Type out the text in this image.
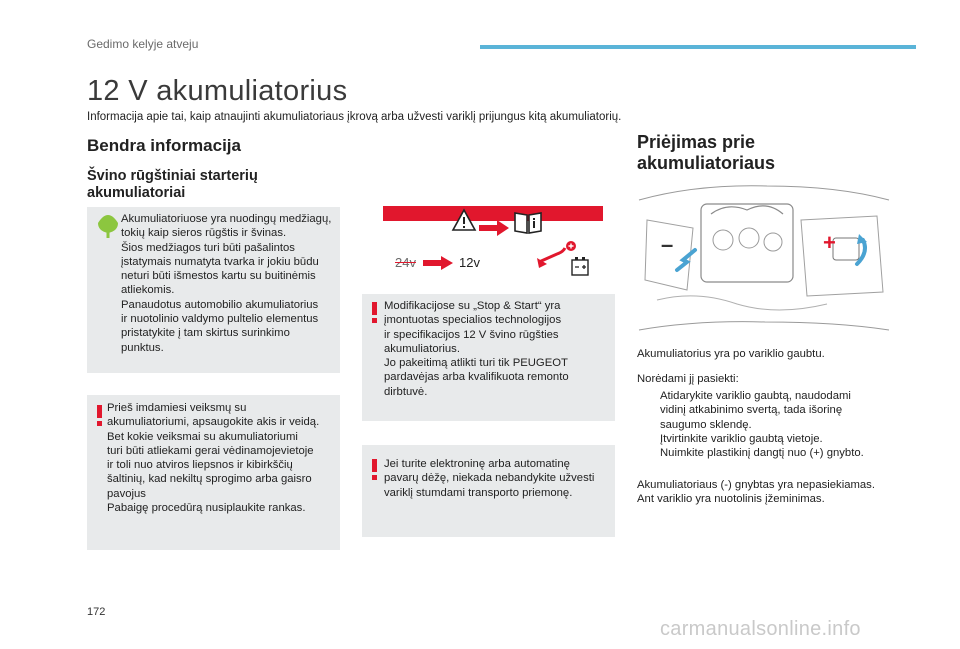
Gedimo kelyje atveju
12 V akumuliatorius
Informacija apie tai, kaip atnaujinti akumuliatoriaus įkrovą arba užvesti variklį prijungus kitą akumuliatorių.
Bendra informacija
Švino rūgštiniai starterių
akumuliatoriai
Akumuliatoriuose yra nuodingų medžiagų,
tokių kaip sieros rūgštis ir švinas.
Šios medžiagos turi būti pašalintos
įstatymais numatyta tvarka ir jokiu būdu
neturi būti išmestos kartu su buitinėmis
atliekomis.
Panaudotus automobilio akumuliatorius
ir nuotolinio valdymo pultelio elementus
pristatykite į tam skirtus surinkimo
punktus.
Prieš imdamiesi veiksmų su
akumuliatoriumi, apsaugokite akis ir veidą.
Bet kokie veiksmai su akumuliatoriumi
turi būti atliekami gerai vėdinamojevietoje
ir toli nuo atviros liepsnos ir kibirkščių
šaltinių, kad nekiltų sprogimo arba gaisro
pavojus
Pabaigę procedūrą nusiplaukite rankas.
24v	12v
Modifikacijose su „Stop & Start“ yra
įmontuotas specialios technologijos
ir specifikacijos 12 V švino rūgšties
akumuliatorius.
Jo pakeitimą atlikti turi tik PEUGEOT
pardavėjas arba kvalifikuota remonto
dirbtuvė.
Jei turite elektroninę arba automatinę
pavarų dėžę, niekada nebandykite užvesti
variklį stumdami transporto priemonę.
Priėjimas prie
akumuliatoriaus
–	+
Akumuliatorius yra po variklio gaubtu.
Norėdami jį pasiekti:
Atidarykite variklio gaubtą, naudodami
vidinį atkabinimo svertą, tada išorinę
saugumo sklendę.
Įtvirtinkite variklio gaubtą vietoje.
Nuimkite plastikinį dangtį nuo (+) gnybto.
Akumuliatoriaus (-) gnybtas yra nepasiekiamas.
Ant variklio yra nuotolinis įžeminimas.
172
carmanualsonline.info
